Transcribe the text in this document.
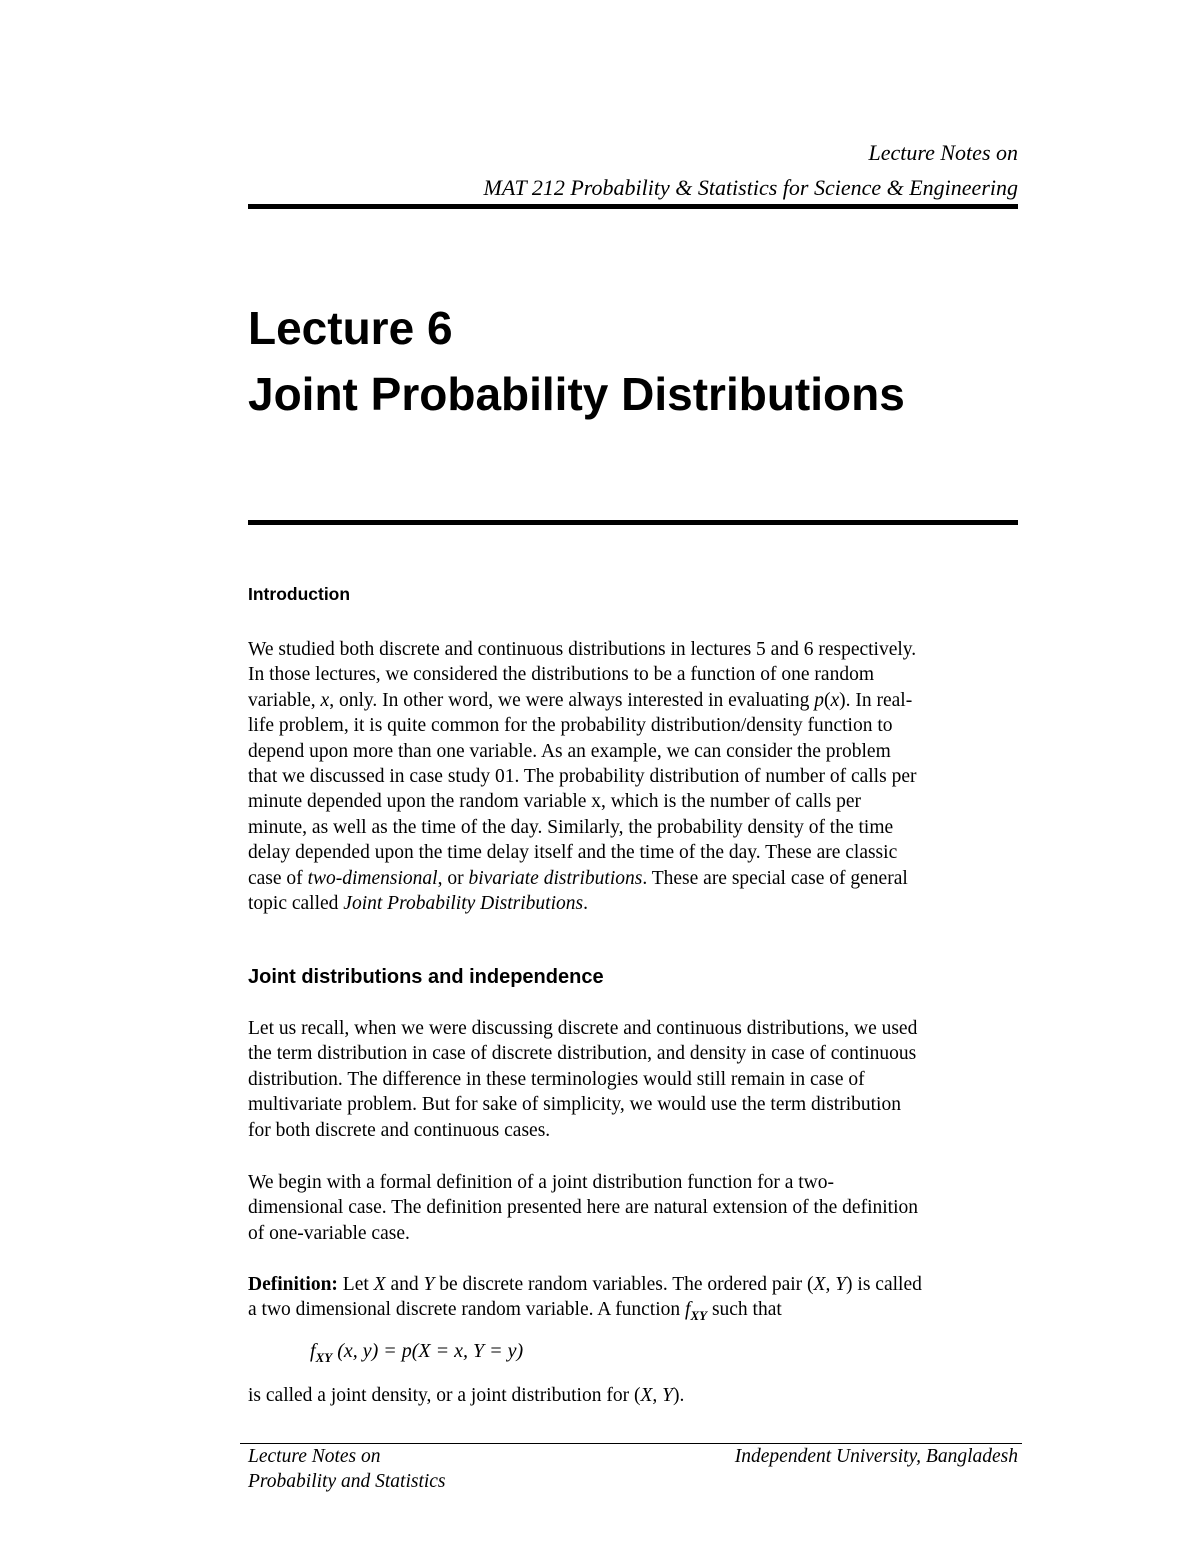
Lecture Notes on
MAT 212 Probability & Statistics for Science & Engineering
Lecture 6
Joint Probability Distributions
Introduction
We studied both discrete and continuous distributions in lectures 5 and 6 respectively.
In those lectures, we considered the distributions to be a function of one random
variable, x, only. In other word, we were always interested in evaluating p(x). In real-
life problem, it is quite common for the probability distribution/density function to
depend upon more than one variable. As an example, we can consider the problem
that we discussed in case study 01. The probability distribution of number of calls per
minute depended upon the random variable x, which is the number of calls per
minute, as well as the time of the day. Similarly, the probability density of the time
delay depended upon the time delay itself and the time of the day. These are classic
case of two-dimensional, or bivariate distributions. These are special case of general
topic called Joint Probability Distributions.
Joint distributions and independence
Let us recall, when we were discussing discrete and continuous distributions, we used
the term distribution in case of discrete distribution, and density in case of continuous
distribution. The difference in these terminologies would still remain in case of
multivariate problem. But for sake of simplicity, we would use the term distribution
for both discrete and continuous cases.
We begin with a formal definition of a joint distribution function for a two-
dimensional case. The definition presented here are natural extension of the definition
of one-variable case.
Definition: Let X and Y be discrete random variables. The ordered pair (X, Y) is called
a two dimensional discrete random variable. A function $f_{XY}$ such that
$f_{XY}$ (x, y) = p(X = x, Y = y)
is called a joint density, or a joint distribution for (X, Y).
Lecture Notes on
Probability and Statistics
Independent University, Bangladesh
